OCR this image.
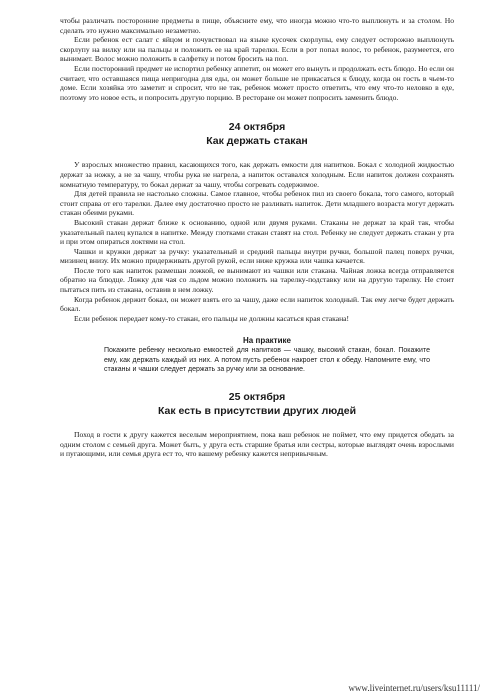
чтобы различать посторонние предметы в пище, объясните ему, что иногда можно что-то выплюнуть и за столом. Но сделать это нужно максимально незаметно.

Если ребенок ест салат с яйцом и почувствовал на языке кусочек скорлупы, ему следует осторожно выплюнуть скорлупу на вилку или на пальцы и положить ее на край тарелки. Если в рот попал волос, то ребенок, разумеется, его вынимает. Волос можно положить в салфетку и потом бросить на пол.

Если посторонний предмет не испортил ребенку аппетит, он может его вынуть и продолжать есть блюдо. Но если он считает, что оставшаяся пища непригодна для еды, он может больше не прикасаться к блюду, когда он гость в чьем-то доме. Если хозяйка это заметит и спросит, что не так, ребенок может просто ответить, что ему что-то неловко в еде, поэтому это новое есть, и попросить другую порцию. В ресторане он может попросить заменить блюдо.

24 октября
Как держать стакан

У взрослых множество правил, касающихся того, как держать емкости для напитков. Бокал с холодной жидкостью держат за ножку, а не за чашу, чтобы рука не нагрела, а напиток оставался холодным. Если напиток должен сохранять комнатную температуру, то бокал держат за чашу, чтобы согревать содержимое.

Для детей правила не настолько сложны. Самое главное, чтобы ребенок пил из своего бокала, того самого, который стоит справа от его тарелки. Далее ему достаточно просто не разливать напиток. Дети младшего возраста могут держать стакан обеими руками.

Высокий стакан держат ближе к основанию, одной или двумя руками. Стаканы не держат за край так, чтобы указательный палец купался в напитке. Между глотками стакан ставят на стол. Ребенку не следует держать стакан у рта и при этом опираться локтями на стол.

Чашки и кружки держат за ручку: указательный и средний пальцы внутри ручки, большой палец поверх ручки, мизинец внизу. Их можно придерживать другой рукой, если ниже кружка или чашка качается.

После того как напиток размешан ложкой, ее вынимают из чашки или стакана. Чайная ложка всегда отправляется обратно на блюдце. Ложку для чая со льдом можно положить на тарелку-подставку или на другую тарелку. Не стоит пытаться пить из стакана, оставив в нем ложку.

Когда ребенок держит бокал, он может взять его за чашу, даже если напиток холодный. Так ему легче будет держать бокал.

Если ребенок передает кому-то стакан, его пальцы не должны касаться края стакана!

На практике

Покажите ребенку несколько емкостей для напитков — чашку, высокий стакан, бокал. Покажите ему, как держать каждый из них. А потом пусть ребенок накроет стол к обеду. Напомните ему, что стаканы и чашки следует держать за ручку или за основание.

25 октября
Как есть в присутствии других людей

Поход в гости к другу кажется веселым мероприятием, пока ваш ребенок не поймет, что ему придется обедать за одним столом с семьей друга. Может быть, у друга есть старшие братья или сестры, которые выглядят очень взрослыми и пугающими, или семья друга ест то, что вашему ребенку кажется непривычным.

www.liveinternet.ru/users/ksu11111/
